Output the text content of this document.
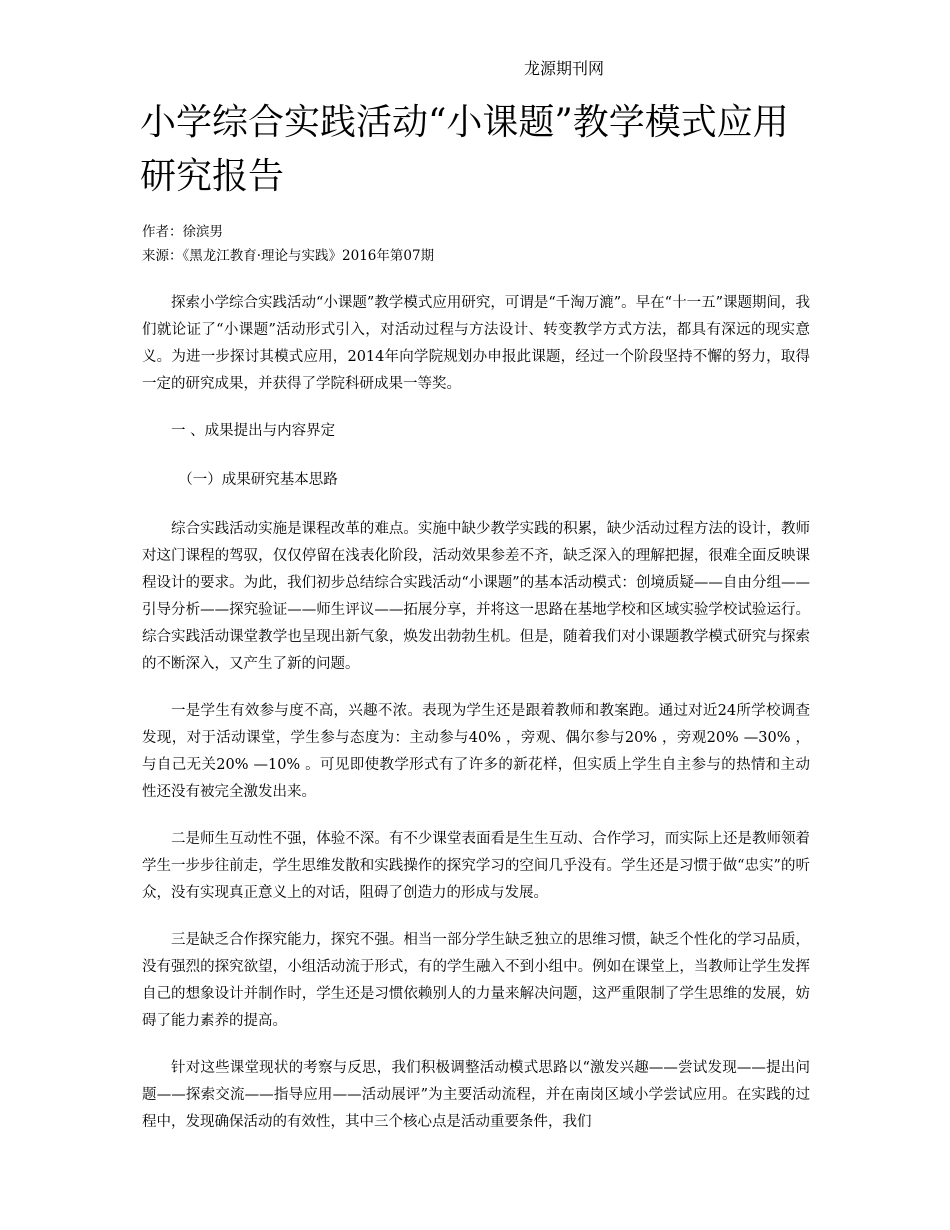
龙源期刊网
小学综合实践活动“小课题”教学模式应用研究报告
作者：徐滨男
来源：《黑龙江教育·理论与实践》2016年第07期

探索小学综合实践活动“小课题”教学模式应用研究，可谓是“千淘万漉”。早在“十一五”课题期间，我们就论证了“小课题”活动形式引入，对活动过程与方法设计、转变教学方式方法，都具有深远的现实意义。为进一步探讨其模式应用，2014年向学院规划办申报此课题，经过一个阶段坚持不懈的努力，取得一定的研究成果，并获得了学院科研成果一等奖。

一 、成果提出与内容界定
（一）成果研究基本思路

综合实践活动实施是课程改革的难点。实施中缺少教学实践的积累，缺少活动过程方法的设计，教师对这门课程的驾驭，仅仅停留在浅表化阶段，活动效果参差不齐，缺乏深入的理解把握，很难全面反映课程设计的要求。为此，我们初步总结综合实践活动“小课题”的基本活动模式：创境质疑——自由分组——引导分析——探究验证——师生评议——拓展分享，并将这一思路在基地学校和区域实验学校试验运行。综合实践活动课堂教学也呈现出新气象，焕发出勃勃生机。但是，随着我们对小课题教学模式研究与探索的不断深入，又产生了新的问题。

一是学生有效参与度不高，兴趣不浓。表现为学生还是跟着教师和教案跑。通过对近24所学校调查发现，对于活动课堂，学生参与态度为：主动参与40% ，旁观、偶尔参与20% ，旁观20% —30% ，与自己无关20% —10% 。可见即使教学形式有了许多的新花样，但实质上学生自主参与的热情和主动性还没有被完全激发出来。

二是师生互动性不强，体验不深。有不少课堂表面看是生生互动、合作学习，而实际上还是教师领着学生一步步往前走，学生思维发散和实践操作的探究学习的空间几乎没有。学生还是习惯于做“忠实”的听众，没有实现真正意义上的对话，阻碍了创造力的形成与发展。

三是缺乏合作探究能力，探究不强。相当一部分学生缺乏独立的思维习惯，缺乏个性化的学习品质，没有强烈的探究欲望，小组活动流于形式，有的学生融入不到小组中。例如在课堂上，当教师让学生发挥自己的想象设计并制作时，学生还是习惯依赖别人的力量来解决问题，这严重限制了学生思维的发展，妨碍了能力素养的提高。

针对这些课堂现状的考察与反思，我们积极调整活动模式思路以“激发兴趣——尝试发现——提出问题——探索交流——指导应用——活动展评”为主要活动流程，并在南岗区域小学尝试应用。在实践的过程中，发现确保活动的有效性，其中三个核心点是活动重要条件，我们
